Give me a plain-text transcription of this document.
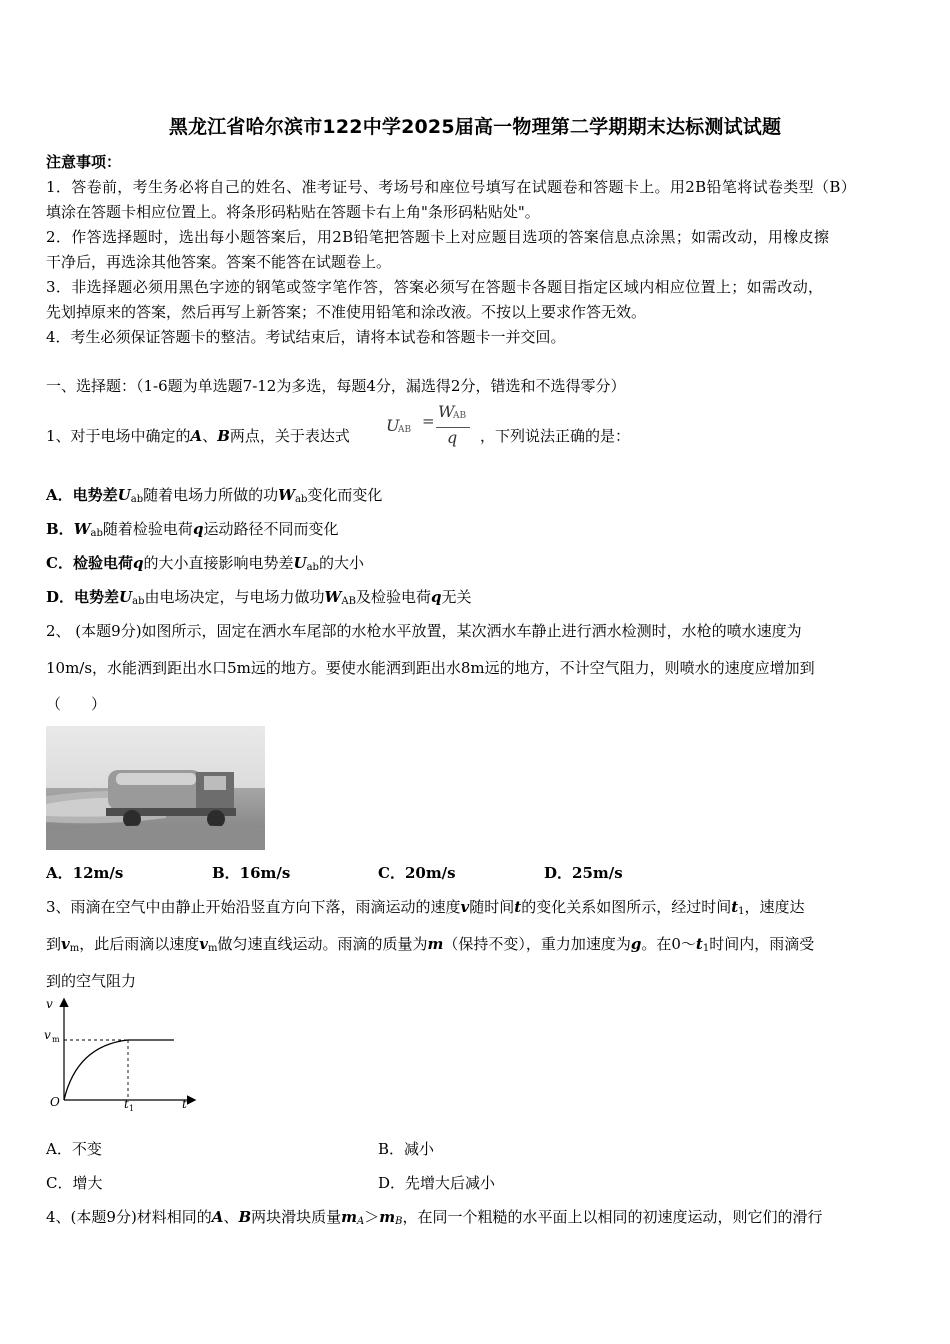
黑龙江省哈尔滨市122中学2025届高一物理第二学期期末达标测试试题
注意事项：
1．答卷前，考生务必将自己的姓名、准考证号、考场号和座位号填写在试题卷和答题卡上。用2B铅笔将试卷类型（B）
填涂在答题卡相应位置上。将条形码粘贴在答题卡右上角"条形码粘贴处"。
2．作答选择题时，选出每小题答案后，用2B铅笔把答题卡上对应题目选项的答案信息点涂黑；如需改动，用橡皮擦
干净后，再选涂其他答案。答案不能答在试题卷上。
3．非选择题必须用黑色字迹的钢笔或签字笔作答，答案必须写在答题卡各题目指定区域内相应位置上；如需改动，
先划掉原来的答案，然后再写上新答案；不准使用铅笔和涂改液。不按以上要求作答无效。
4．考生必须保证答题卡的整洁。考试结束后，请将本试卷和答题卡一并交回。
一、选择题：（1-6题为单选题7-12为多选，每题4分，漏选得2分，错选和不选得零分）
1、对于电场中确定的A、B两点，关于表达式
U
AB = W
AB
q ，下列说法正确的是：
A．电势差$U_{ab}$随着电场力所做的功$W_{ab}$变化而变化
B．$W_{ab}$随着检验电荷q运动路径不同而变化
C．检验电荷q的大小直接影响电势差$U_{ab}$的大小
D．电势差$U_{ab}$由电场决定，与电场力做功$W_{AB}$及检验电荷q无关
2、 (本题9分)如图所示，固定在洒水车尾部的水枪水平放置，某次洒水车静止进行洒水检测时，水枪的喷水速度为
10m/s，水能洒到距出水口5m远的地方。要使水能洒到距出水8m远的地方，不计空气阻力，则喷水的速度应增加到
（　　）
A．12m/s	B．16m/s	C．20m/s	D．25m/s
3、雨滴在空气中由静止开始沿竖直方向下落，雨滴运动的速度v随时间t的变化关系如图所示，经过时间$t_1$，速度达
到$v_m$，此后雨滴以速度$v_m$做匀速直线运动。雨滴的质量为m（保持不变），重力加速度为g。在$0\sim t_1$时间内，雨滴受
到的空气阻力
v
v m
O	t 1	t
A．不变	B．减小
C．增大	D．先增大后减小
4、(本题9分)材料相同的A、B两块滑块质量$m_A>m_B$，在同一个粗糙的水平面上以相同的初速度运动，则它们的滑行
